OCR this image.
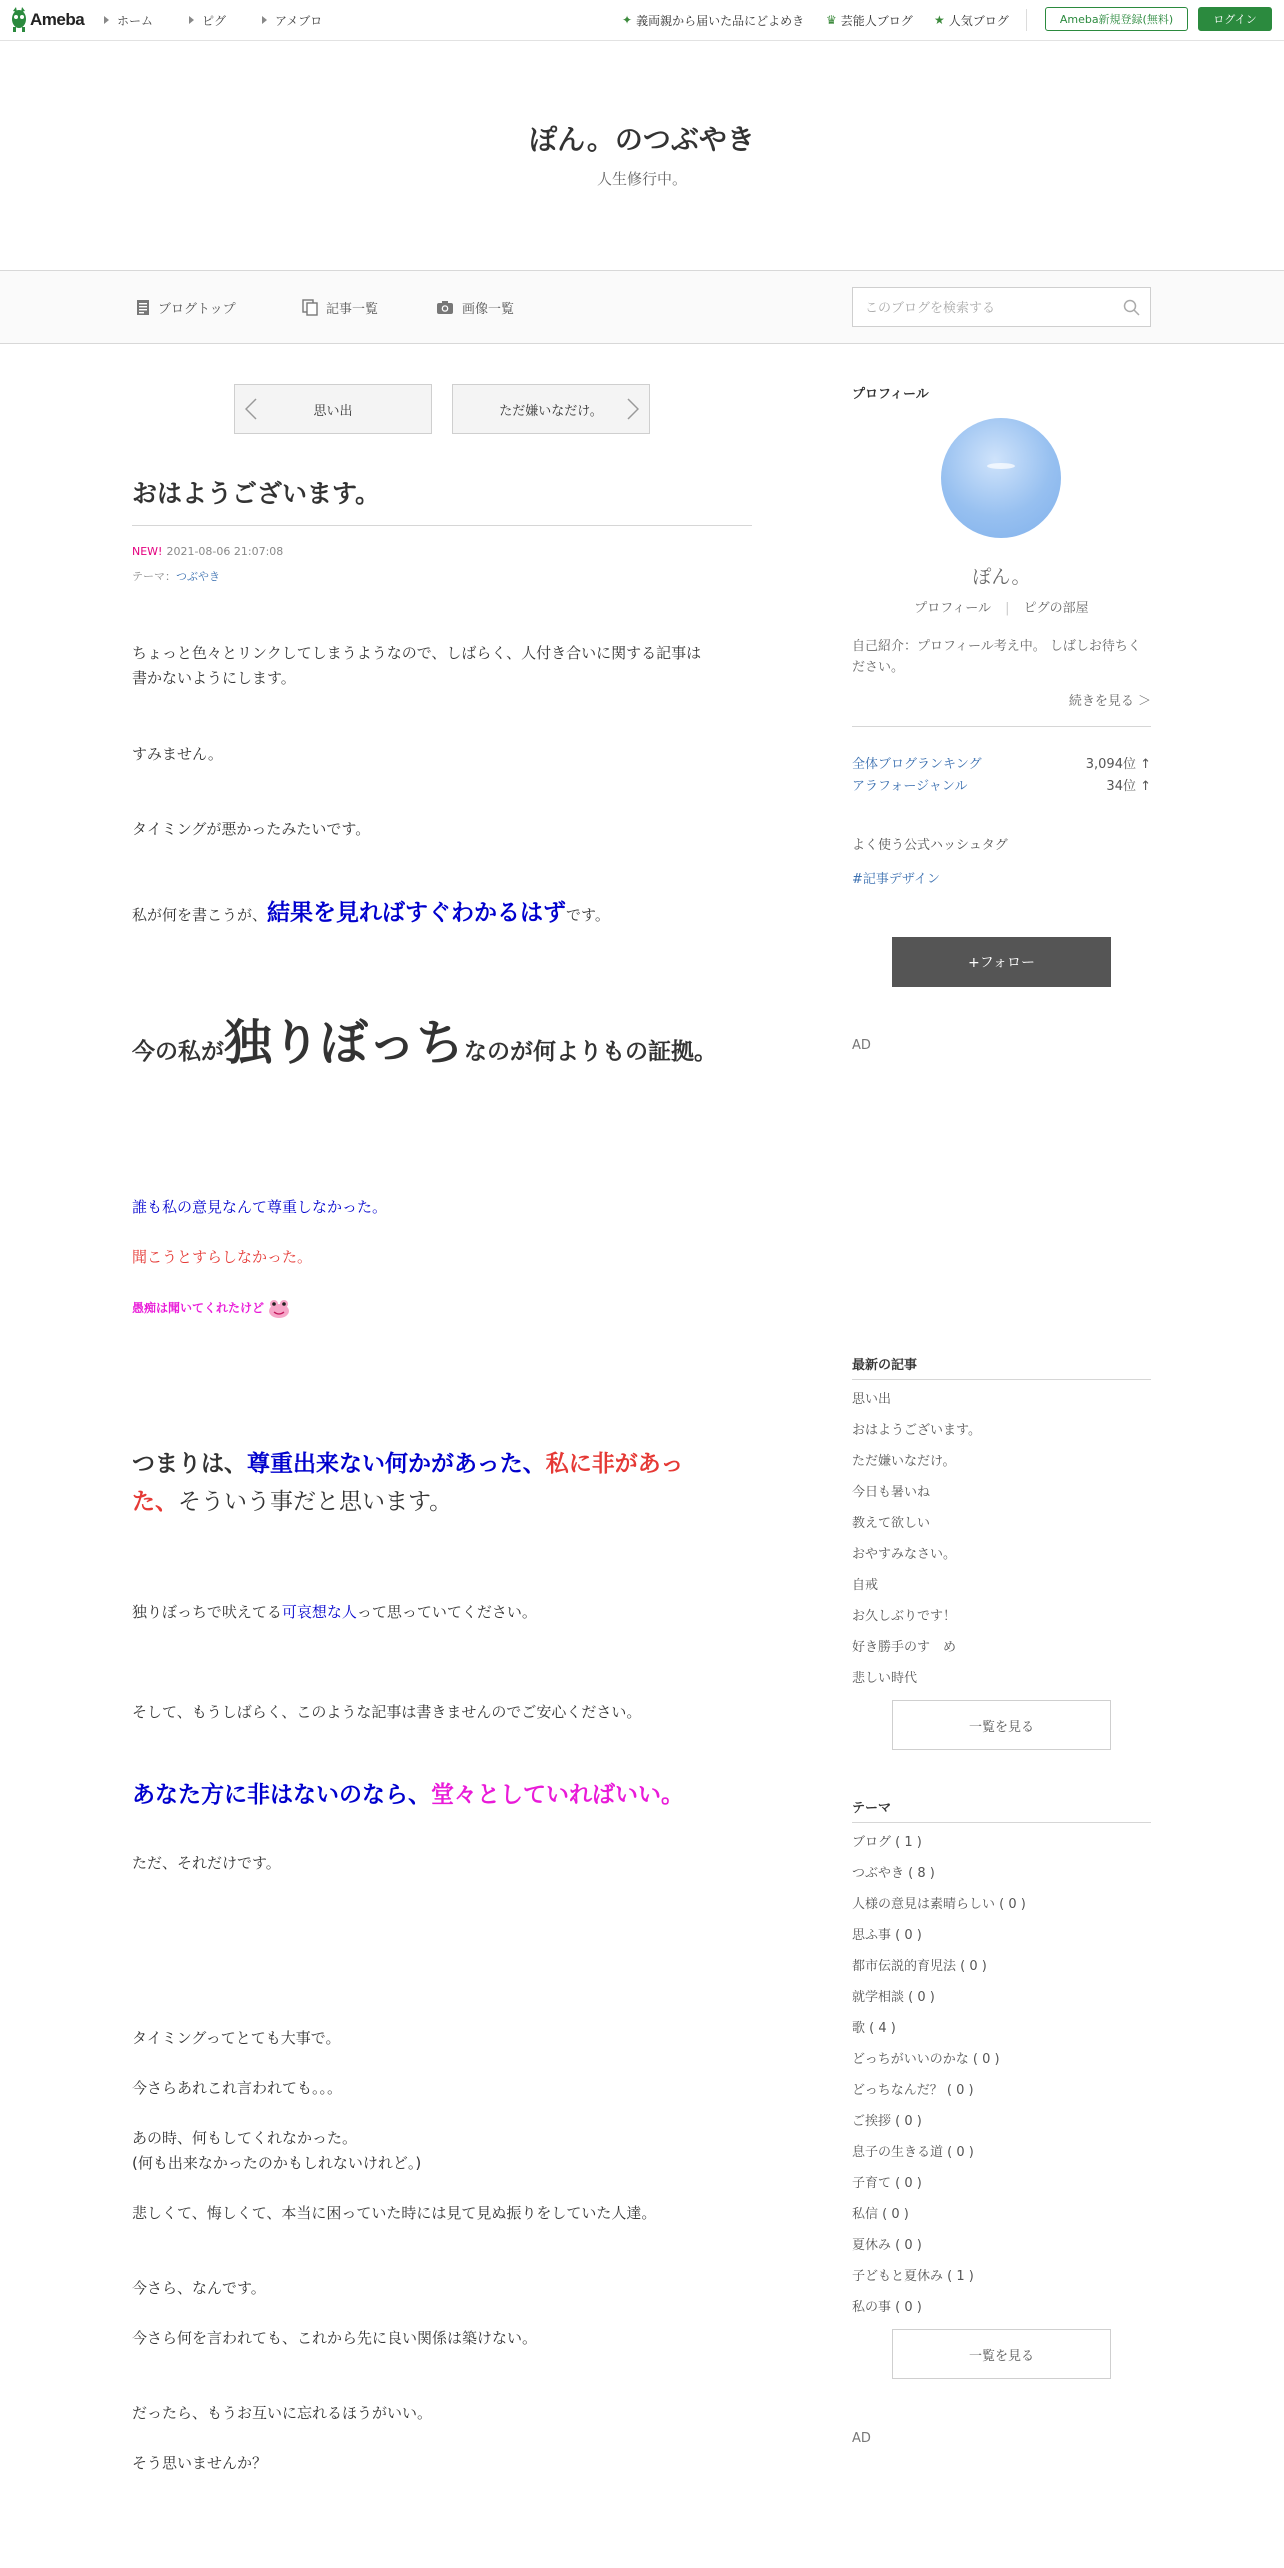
Ameba	ホーム	ピグ	アメブロ	✦ 義両親から届いた品にどよめき ♛ 芸能人ブログ ★ 人気ブログ	Ameba新規登録(無料)	ログイン
ぽん。のつぶやき
人生修行中。
ブログトップ	記事一覧	画像一覧
このブログを検索する
思い出	ただ嫌いなだけ。
おはようございます。
NEW! 2021-08-06 21:07:08
テーマ：つぶやき
ちょっと色々とリンクしてしまうようなので、しばらく、人付き合いに関する記事は
書かないようにします。
すみません。
タイミングが悪かったみたいです。
私が何を書こうが、結果を見ればすぐわかるはずです。
今の私が独りぼっちなのが何よりもの証拠。
誰も私の意見なんて尊重しなかった。
聞こうとすらしなかった。
愚痴は聞いてくれたけど
つまりは、尊重出来ない何かがあった、私に非があっ
た、そういう事だと思います。
独りぼっちで吠えてる可哀想な人って思っていてください。
そして、もうしばらく、このような記事は書きませんのでご安心ください。
あなた方に非はないのなら、堂々としていればいい。
ただ、それだけです。
タイミングってとても大事で。
今さらあれこれ言われても。。。
あの時、何もしてくれなかった。
(何も出来なかったのかもしれないけれど。)
悲しくて、悔しくて、本当に困っていた時には見て見ぬ振りをしていた人達。
今さら、なんです。
今さら何を言われても、これから先に良い関係は築けない。
だったら、もうお互いに忘れるほうがいい。
そう思いませんか？
プロフィール
ぽん。
プロフィール | ピグの部屋
自己紹介：プロフィール考え中。 しばしお待ちください。
続きを見る ＞
全体ブログランキング	3,094位 ↑
アラフォージャンル	34位 ↑
よく使う公式ハッシュタグ
#記事デザイン
+フォロー
AD
最新の記事
思い出
おはようございます。
ただ嫌いなだけ。
今日も暑いね
教えて欲しい
おやすみなさい。
自戒
お久しぶりです！
好き勝手のす　め
悲しい時代
一覧を見る
テーマ
ブログ ( 1 )
つぶやき ( 8 )
人様の意見は素晴らしい ( 0 )
思ふ事 ( 0 )
都市伝説的育児法 ( 0 )
就学相談 ( 0 )
歌 ( 4 )
どっちがいいのかな ( 0 )
どっちなんだ？ ( 0 )
ご挨拶 ( 0 )
息子の生きる道 ( 0 )
子育て ( 0 )
私信 ( 0 )
夏休み ( 0 )
子どもと夏休み ( 1 )
私の事 ( 0 )
一覧を見る
AD
